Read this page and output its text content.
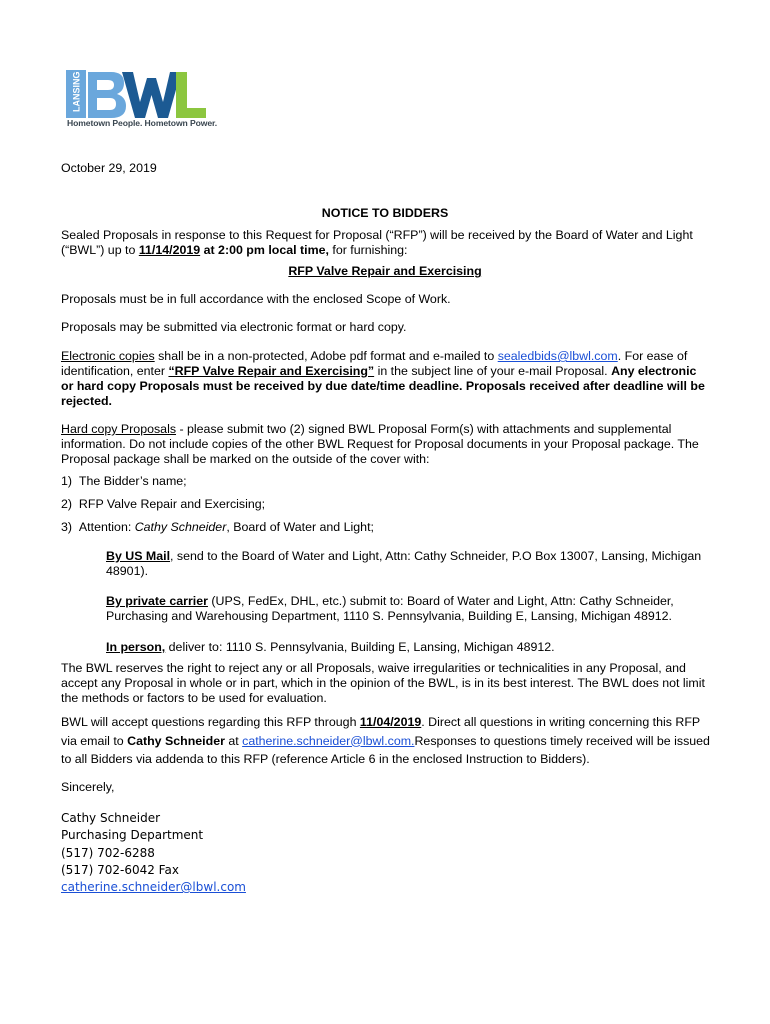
LANSING
Hometown People. Hometown Power.
October 29, 2019
NOTICE TO BIDDERS
Sealed Proposals in response to this Request for Proposal (“RFP”) will be received by the Board of Water and Light (“BWL”) up to 11/14/2019 at 2:00 pm local time, for furnishing:
RFP Valve Repair and Exercising
Proposals must be in full accordance with the enclosed Scope of Work.
Proposals may be submitted via electronic format or hard copy.
Electronic copies shall be in a non-protected, Adobe pdf format and e-mailed to sealedbids@lbwl.com. For ease of identification, enter “RFP Valve Repair and Exercising” in the subject line of your e-mail Proposal. Any electronic or hard copy Proposals must be received by due date/time deadline. Proposals received after deadline will be rejected.
Hard copy Proposals - please submit two (2) signed BWL Proposal Form(s) with attachments and supplemental information. Do not include copies of the other BWL Request for Proposal documents in your Proposal package. The Proposal package shall be marked on the outside of the cover with:
1) The Bidder’s name;
2) RFP Valve Repair and Exercising;
3) Attention: Cathy Schneider, Board of Water and Light;
By US Mail, send to the Board of Water and Light, Attn: Cathy Schneider, P.O Box 13007, Lansing, Michigan 48901).
By private carrier (UPS, FedEx, DHL, etc.) submit to: Board of Water and Light, Attn: Cathy Schneider, Purchasing and Warehousing Department, 1110 S. Pennsylvania, Building E, Lansing, Michigan 48912.
In person, deliver to: 1110 S. Pennsylvania, Building E, Lansing, Michigan 48912.
The BWL reserves the right to reject any or all Proposals, waive irregularities or technicalities in any Proposal, and accept any Proposal in whole or in part, which in the opinion of the BWL, is in its best interest. The BWL does not limit the methods or factors to be used for evaluation.
BWL will accept questions regarding this RFP through 11/04/2019. Direct all questions in writing concerning this RFP via email to Cathy Schneider at catherine.schneider@lbwl.com.Responses to questions timely received will be issued to all Bidders via addenda to this RFP (reference Article 6 in the enclosed Instruction to Bidders).
Sincerely,
Cathy Schneider
Purchasing Department
(517) 702-6288
(517) 702-6042 Fax
catherine.schneider@lbwl.com
